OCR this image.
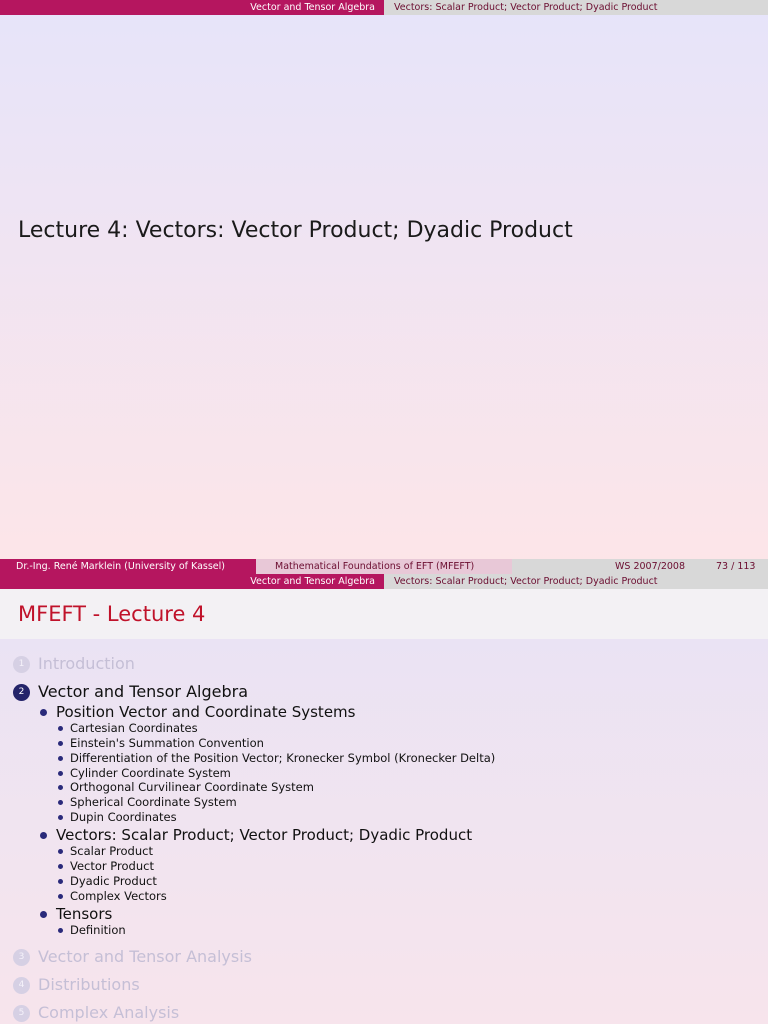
Vector and Tensor Algebra	Vectors: Scalar Product; Vector Product; Dyadic Product
Lecture 4: Vectors: Vector Product; Dyadic Product
Dr.-Ing. René Marklein (University of Kassel)	Mathematical Foundations of EFT (MFEFT)	WS 2007/2008	73 / 113
Vector and Tensor Algebra	Vectors: Scalar Product; Vector Product; Dyadic Product
MFEFT - Lecture 4
1 Introduction
2 Vector and Tensor Algebra
Position Vector and Coordinate Systems
Cartesian Coordinates
Einstein's Summation Convention
Differentiation of the Position Vector; Kronecker Symbol (Kronecker Delta)
Cylinder Coordinate System
Orthogonal Curvilinear Coordinate System
Spherical Coordinate System
Dupin Coordinates
Vectors: Scalar Product; Vector Product; Dyadic Product
Scalar Product
Vector Product
Dyadic Product
Complex Vectors
Tensors
Definition
3 Vector and Tensor Analysis
4 Distributions
5 Complex Analysis
